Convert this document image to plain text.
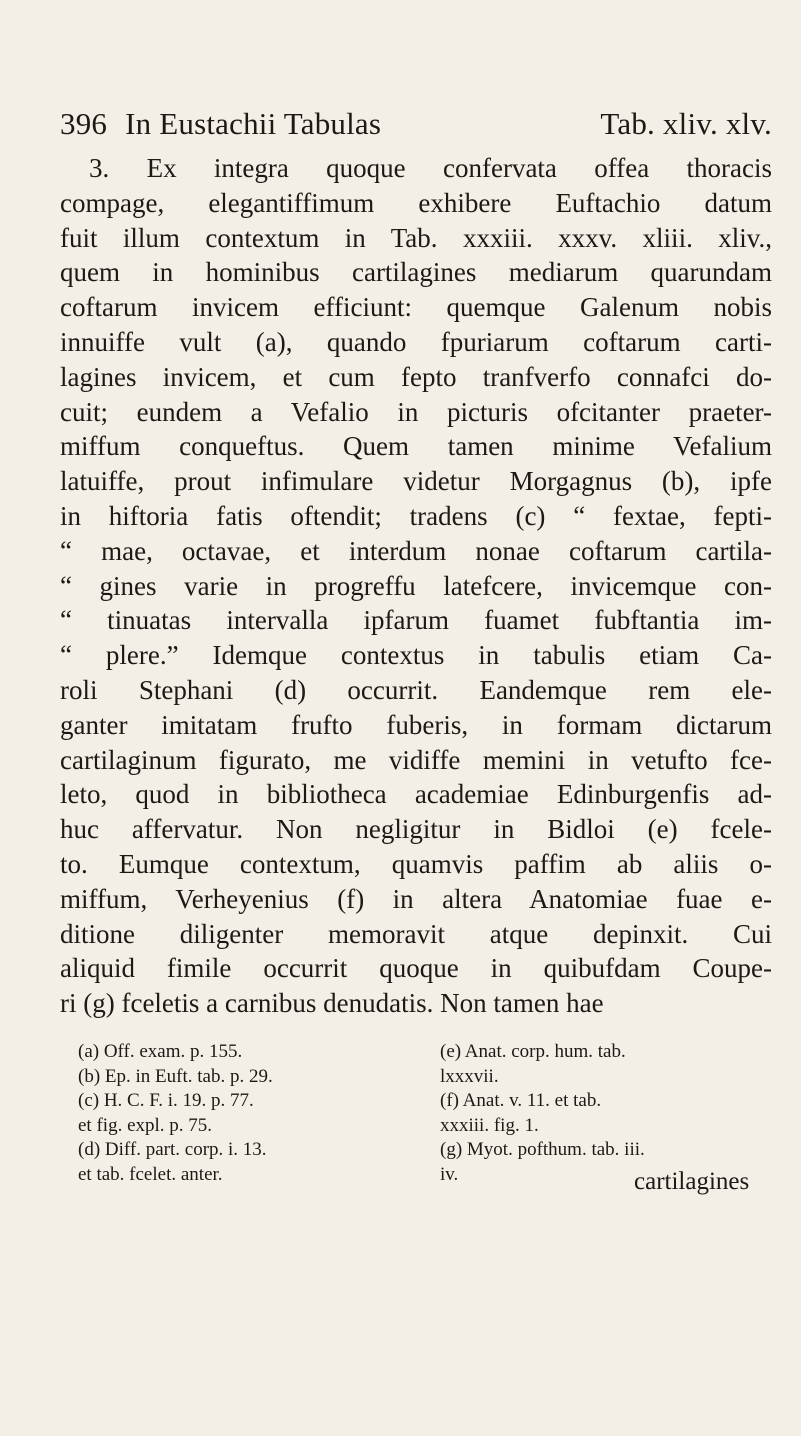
396 In Eustachii Tabulas	Tab. xliv. xlv.
3. Ex integra quoque confervata offea thoracis
compage, elegantiffimum exhibere Euftachio datum
fuit illum contextum in Tab. xxxiii. xxxv. xliii. xliv.,
quem in hominibus cartilagines mediarum quarundam
coftarum invicem efficiunt: quemque Galenum nobis
innuiffe vult (a), quando fpuriarum coftarum carti-
lagines invicem, et cum fepto tranfverfo connafci do-
cuit; eundem a Vefalio in picturis ofcitanter praeter-
miffum conqueftus. Quem tamen minime Vefalium
latuiffe, prout infimulare videtur Morgagnus (b), ipfe
in hiftoria fatis oftendit; tradens (c) “ fextae, fepti-
“ mae, octavae, et interdum nonae coftarum cartila-
“ gines varie in progreffu latefcere, invicemque con-
“ tinuatas intervalla ipfarum fuamet fubftantia im-
“ plere.” Idemque contextus in tabulis etiam Ca-
roli Stephani (d) occurrit. Eandemque rem ele-
ganter imitatam frufto fuberis, in formam dictarum
cartilaginum figurato, me vidiffe memini in vetufto fce-
leto, quod in bibliotheca academiae Edinburgenfis ad-
huc affervatur. Non negligitur in Bidloi (e) fcele-
to. Eumque contextum, quamvis paffim ab aliis o-
miffum, Verheyenius (f) in altera Anatomiae fuae e-
ditione diligenter memoravit atque depinxit. Cui
aliquid fimile occurrit quoque in quibufdam Coupe-
ri (g) fceletis a carnibus denudatis. Non tamen hae
(a) Off. exam. p. 155.
(b) Ep. in Euft. tab. p. 29.
(c) H. C. F. i. 19. p. 77.
et fig. expl. p. 75.
(d) Diff. part. corp. i. 13.
et tab. fcelet. anter.
(e) Anat. corp. hum. tab.
lxxxvii.
(f) Anat. v. 11. et tab.
xxxiii. fig. 1.
(g) Myot. pofthum. tab. iii.
iv.	cartilagines
